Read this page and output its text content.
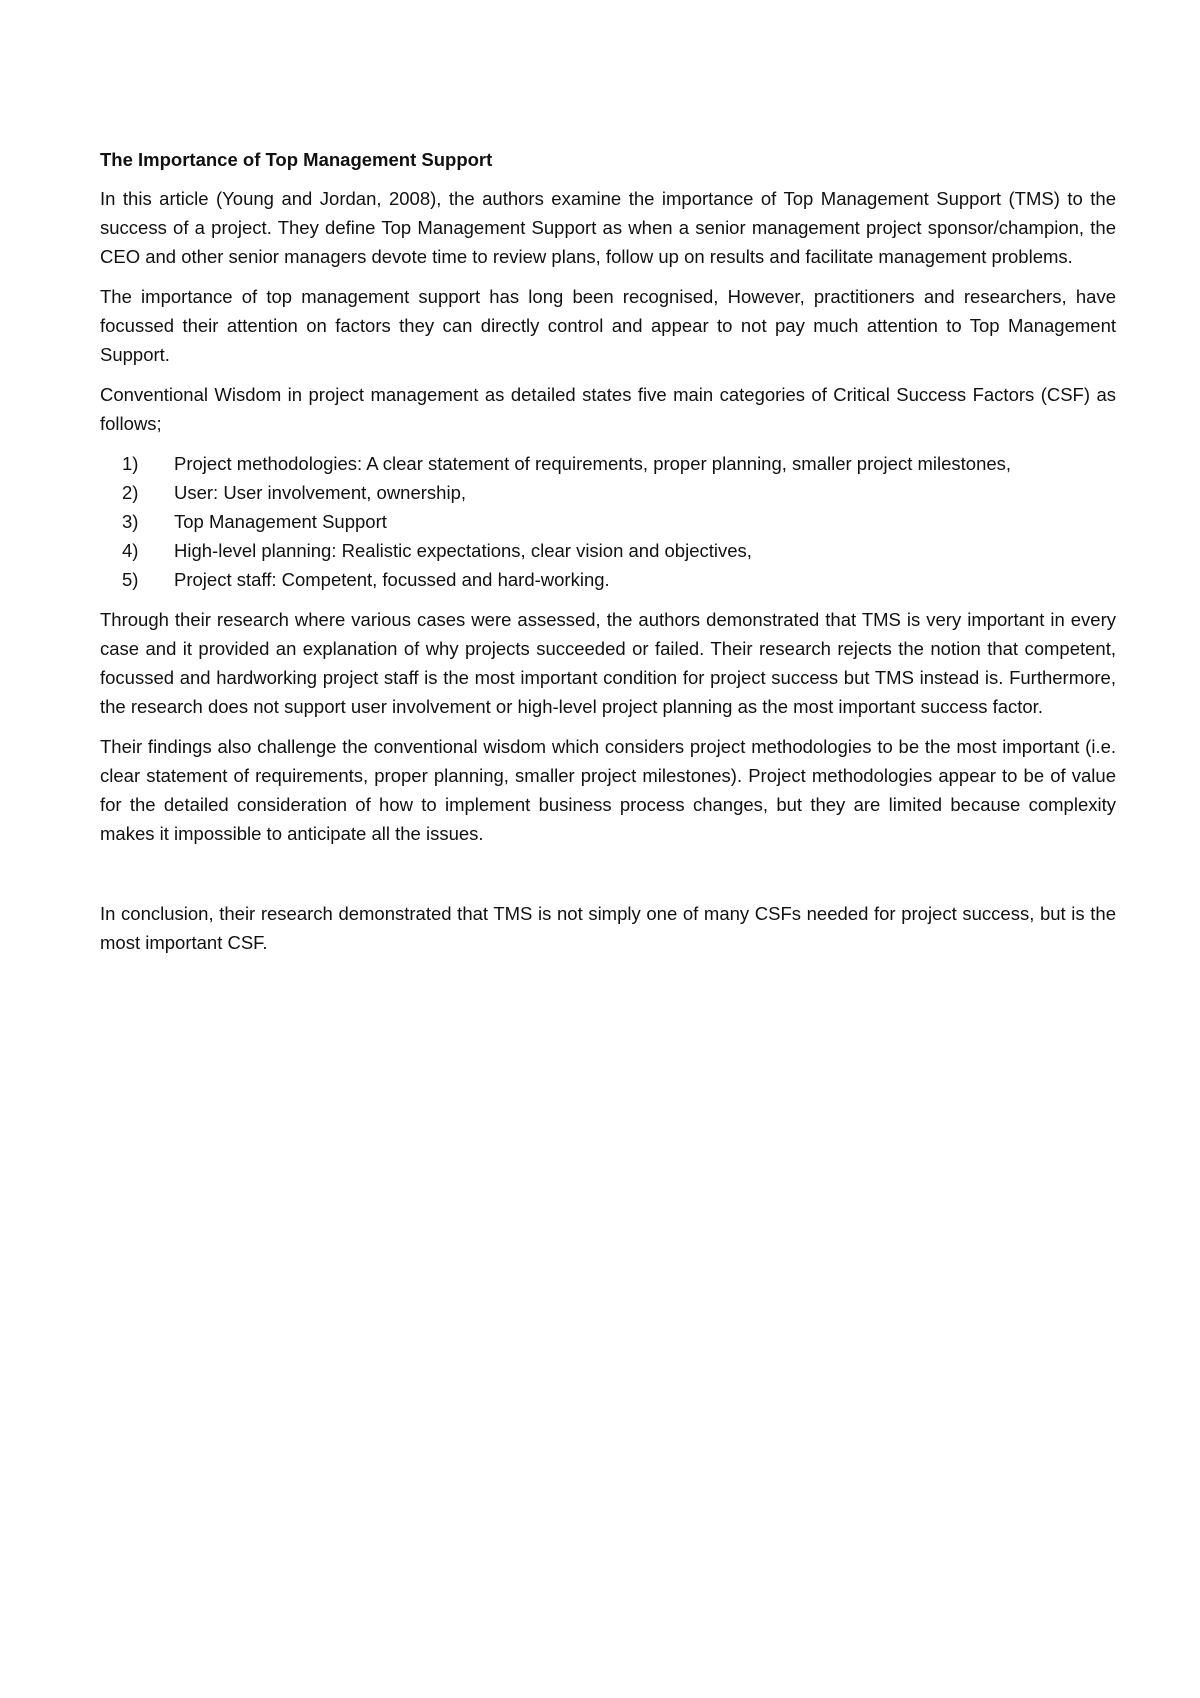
The Importance of Top Management Support

In this article (Young and Jordan, 2008), the authors examine the importance of Top Management Support (TMS) to the success of a project. They define Top Management Support as when a senior management project sponsor/champion, the CEO and other senior managers devote time to review plans, follow up on results and facilitate management problems.

The importance of top management support has long been recognised, However, practitioners and researchers, have focussed their attention on factors they can directly control and appear to not pay much attention to Top Management Support.

Conventional Wisdom in project management as detailed states five main categories of Critical Success Factors (CSF) as follows;

1)	Project methodologies: A clear statement of requirements, proper planning, smaller project milestones,
2)	User: User involvement, ownership,
3)	Top Management Support
4)	High-level planning: Realistic expectations, clear vision and objectives,
5)	Project staff: Competent, focussed and hard-working.

Through their research where various cases were assessed, the authors demonstrated that TMS is very important in every case and it provided an explanation of why projects succeeded or failed. Their research rejects the notion that competent, focussed and hardworking project staff is the most important condition for project success but TMS instead is. Furthermore, the research does not support user involvement or high-level project planning as the most important success factor.

Their findings also challenge the conventional wisdom which considers project methodologies to be the most important (i.e. clear statement of requirements, proper planning, smaller project milestones). Project methodologies appear to be of value for the detailed consideration of how to implement business process changes, but they are limited because complexity makes it impossible to anticipate all the issues.

In conclusion, their research demonstrated that TMS is not simply one of many CSFs needed for project success, but is the most important CSF.
